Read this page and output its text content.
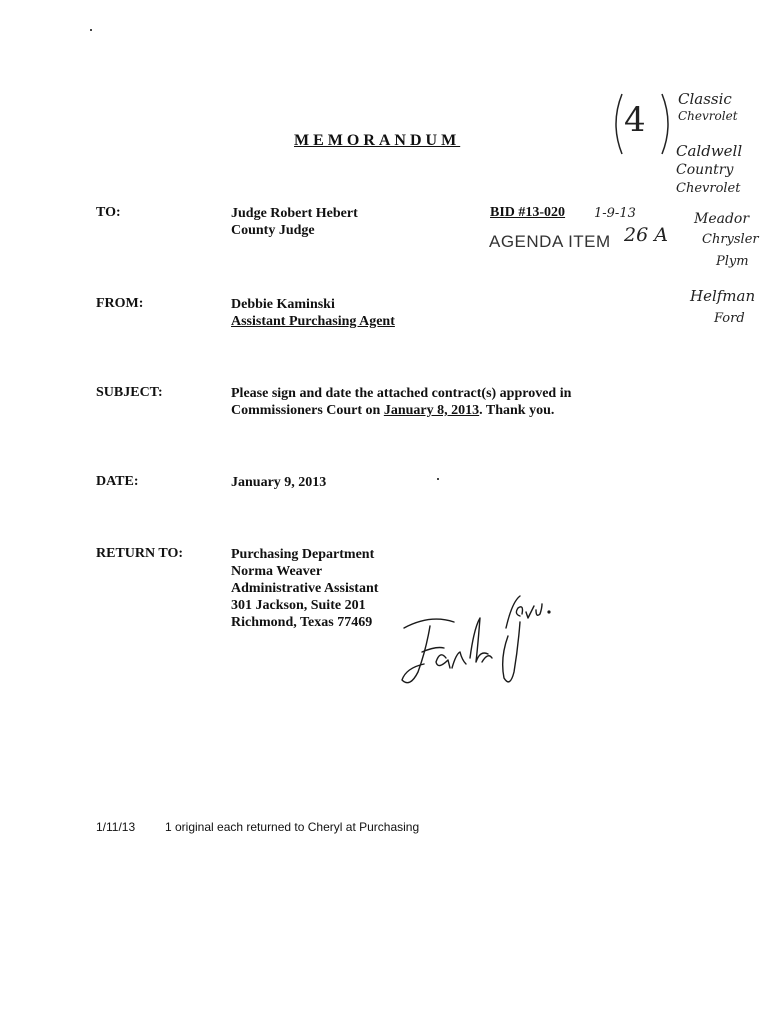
MEMORANDUM
4
Classic
Chevrolet
Caldwell
Country
Chevrolet
Meador
Chrysler
Plym
Helfman
Ford
TO:	Judge Robert Hebert
County Judge
BID #13-020 1-9-13
AGENDA ITEM 26 A
FROM:	Debbie Kaminski
Assistant Purchasing Agent
SUBJECT:	Please sign and date the attached contract(s) approved in
Commissioners Court on January 8, 2013. Thank you.
DATE:	January 9, 2013
RETURN TO:	Purchasing Department
Norma Weaver
Administrative Assistant
301 Jackson, Suite 201
Richmond, Texas 77469
1/11/13 1 original each returned to Cheryl at Purchasing
